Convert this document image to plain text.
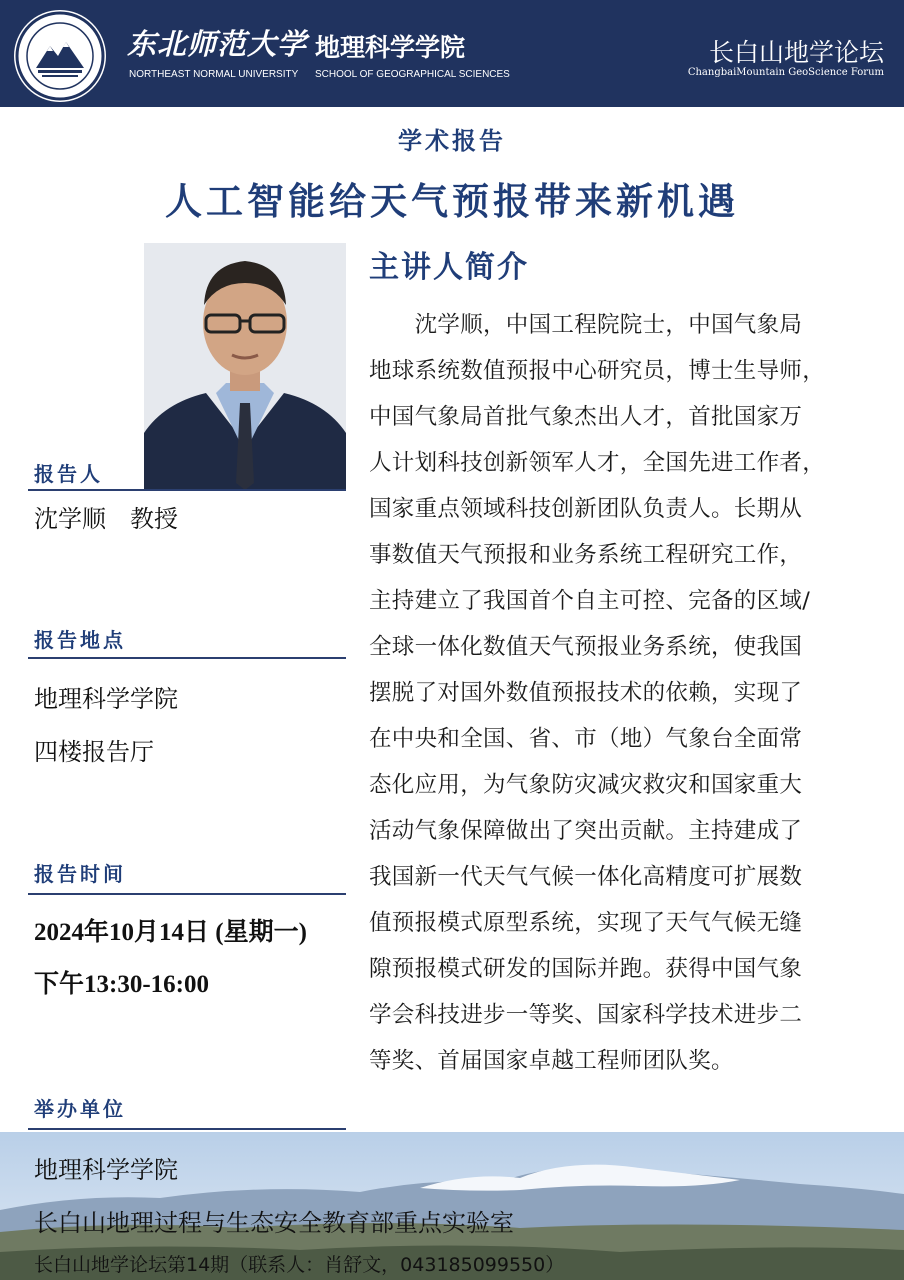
东北师范大学 地理科学学院
NORTHEAST NORMAL UNIVERSITY SCHOOL OF GEOGRAPHICAL SCIENCES
长白山地学论坛
ChangbaiMountain GeoScience Forum
学术报告
人工智能给天气预报带来新机遇
报告人
沈学顺　教授
报告地点
地理科学学院
四楼报告厅
报告时间
2024年10月14日 (星期一)
下午13:30-16:00
主讲人简介
　　沈学顺，中国工程院院士，中国气象局
地球系统数值预报中心研究员，博士生导师，
中国气象局首批气象杰出人才，首批国家万
人计划科技创新领军人才，全国先进工作者，
国家重点领域科技创新团队负责人。长期从
事数值天气预报和业务系统工程研究工作，
主持建立了我国首个自主可控、完备的区域/
全球一体化数值天气预报业务系统，使我国
摆脱了对国外数值预报技术的依赖，实现了
在中央和全国、省、市（地）气象台全面常
态化应用，为气象防灾减灾救灾和国家重大
活动气象保障做出了突出贡献。主持建成了
我国新一代天气气候一体化高精度可扩展数
值预报模式原型系统，实现了天气气候无缝
隙预报模式研发的国际并跑。获得中国气象
学会科技进步一等奖、国家科学技术进步二
等奖、首届国家卓越工程师团队奖。
举办单位
地理科学学院
长白山地理过程与生态安全教育部重点实验室
长白山地学论坛第14期（联系人：肖舒文，043185099550）
